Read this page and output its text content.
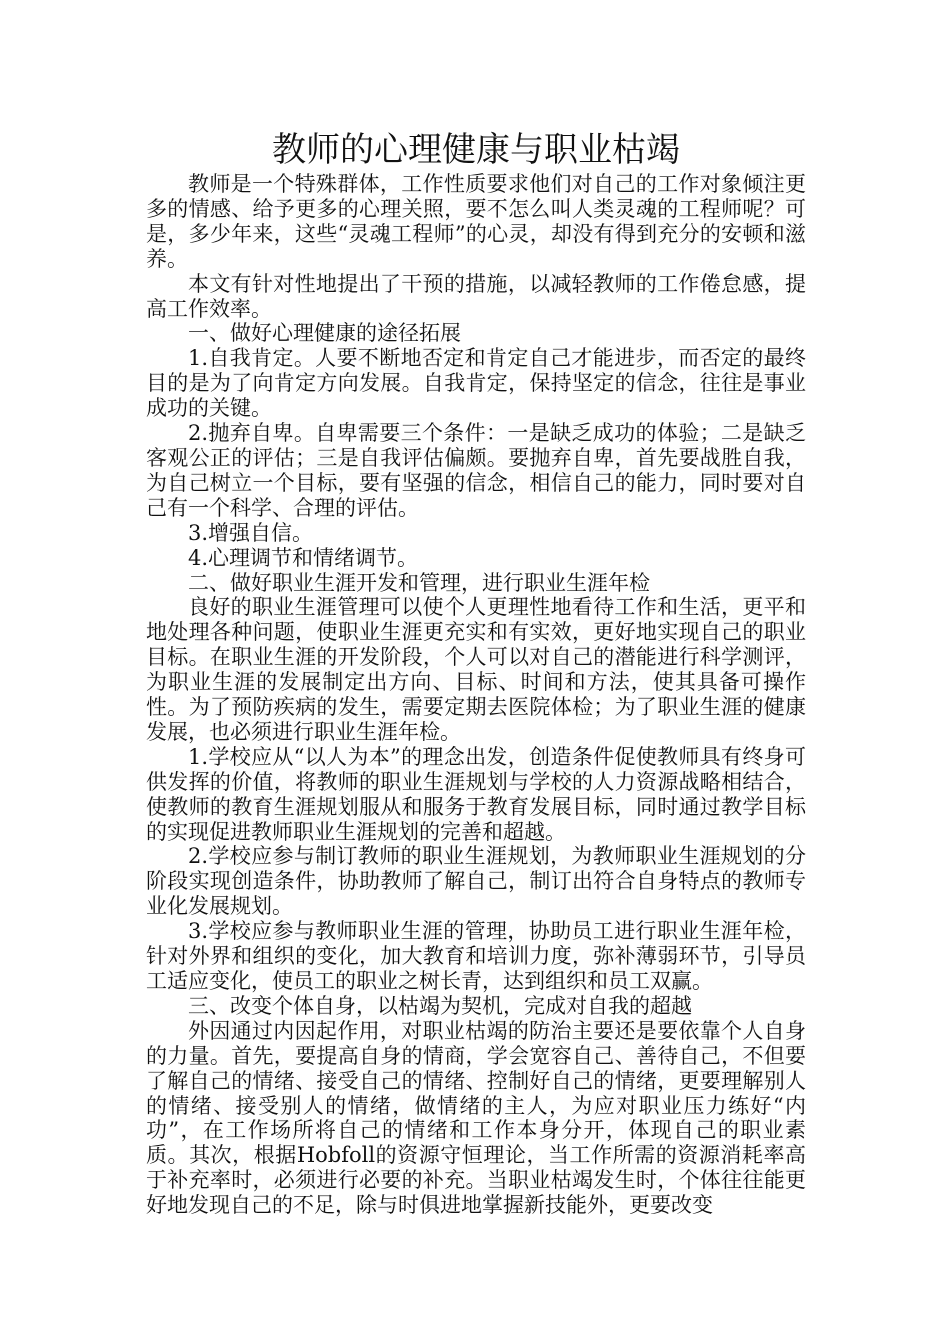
教师的心理健康与职业枯竭

教师是一个特殊群体，工作性质要求他们对自己的工作对象倾注更多的情感、给予更多的心理关照，要不怎么叫人类灵魂的工程师呢？可是，多少年来，这些“灵魂工程师”的心灵，却没有得到充分的安顿和滋养。

本文有针对性地提出了干预的措施，以减轻教师的工作倦怠感，提高工作效率。

一、做好心理健康的途径拓展

1.自我肯定。人要不断地否定和肯定自己才能进步，而否定的最终目的是为了向肯定方向发展。自我肯定，保持坚定的信念，往往是事业成功的关键。

2.抛弃自卑。自卑需要三个条件：一是缺乏成功的体验；二是缺乏客观公正的评估；三是自我评估偏颇。要抛弃自卑，首先要战胜自我，为自己树立一个目标，要有坚强的信念，相信自己的能力，同时要对自己有一个科学、合理的评估。

3.增强自信。

4.心理调节和情绪调节。

二、做好职业生涯开发和管理，进行职业生涯年检

良好的职业生涯管理可以使个人更理性地看待工作和生活，更平和地处理各种问题，使职业生涯更充实和有实效，更好地实现自己的职业目标。在职业生涯的开发阶段，个人可以对自己的潜能进行科学测评，为职业生涯的发展制定出方向、目标、时间和方法，使其具备可操作性。为了预防疾病的发生，需要定期去医院体检；为了职业生涯的健康发展，也必须进行职业生涯年检。

1.学校应从“以人为本”的理念出发，创造条件促使教师具有终身可供发挥的价值，将教师的职业生涯规划与学校的人力资源战略相结合，使教师的教育生涯规划服从和服务于教育发展目标，同时通过教学目标的实现促进教师职业生涯规划的完善和超越。

2.学校应参与制订教师的职业生涯规划，为教师职业生涯规划的分阶段实现创造条件，协助教师了解自己，制订出符合自身特点的教师专业化发展规划。

3.学校应参与教师职业生涯的管理，协助员工进行职业生涯年检，针对外界和组织的变化，加大教育和培训力度，弥补薄弱环节，引导员工适应变化，使员工的职业之树长青，达到组织和员工双赢。

三、改变个体自身，以枯竭为契机，完成对自我的超越

外因通过内因起作用，对职业枯竭的防治主要还是要依靠个人自身的力量。首先，要提高自身的情商，学会宽容自己、善待自己，不但要了解自己的情绪、接受自己的情绪、控制好自己的情绪，更要理解别人的情绪、接受别人的情绪，做情绪的主人，为应对职业压力练好“内功”，在工作场所将自己的情绪和工作本身分开，体现自己的职业素质。其次，根据Hobfoll的资源守恒理论，当工作所需的资源消耗率高于补充率时，必须进行必要的补充。当职业枯竭发生时，个体往往能更好地发现自己的不足，除与时俱进地掌握新技能外，更要改变
